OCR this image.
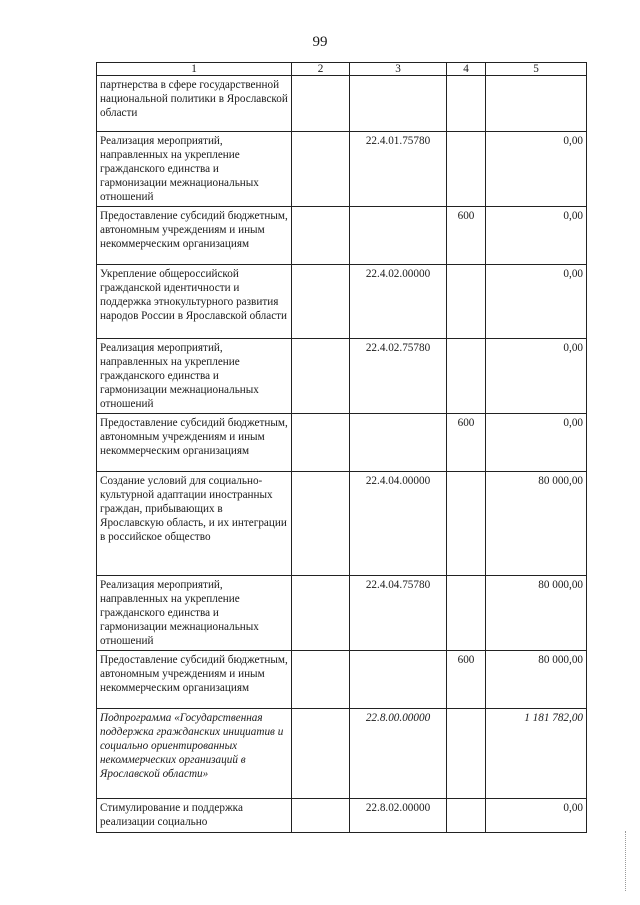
99
1	2	3	4	5
партнерства в сфере государственной национальной политики в Ярославской области				
Реализация мероприятий, направленных на укрепление гражданского единства и гармонизации межнациональных отношений		22.4.01.75780		0,00
Предоставление субсидий бюджетным, автономным учреждениям и иным некоммерческим организациям			600	0,00
Укрепление общероссийской гражданской идентичности и поддержка этнокультурного развития народов России в Ярославской области		22.4.02.00000		0,00
Реализация мероприятий, направленных на укрепление гражданского единства и гармонизации межнациональных отношений		22.4.02.75780		0,00
Предоставление субсидий бюджетным, автономным учреждениям и иным некоммерческим организациям			600	0,00
Создание условий для социально-культурной адаптации иностранных граждан, прибывающих в Ярославскую область, и их интеграции в российское общество		22.4.04.00000		80 000,00
Реализация мероприятий, направленных на укрепление гражданского единства и гармонизации межнациональных отношений		22.4.04.75780		80 000,00
Предоставление субсидий бюджетным, автономным учреждениям и иным некоммерческим организациям			600	80 000,00
Подпрограмма «Государственная поддержка гражданских инициатив и социально ориентированных некоммерческих организаций в Ярославской области»		22.8.00.00000		1 181 782,00
Стимулирование и поддержка реализации социально		22.8.02.00000		0,00
